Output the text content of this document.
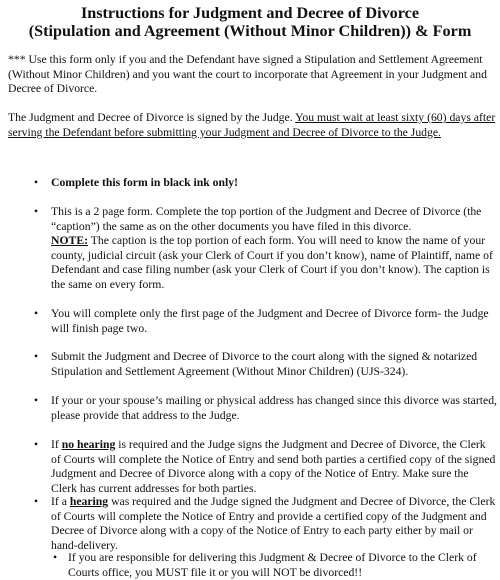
Instructions for Judgment and Decree of Divorce
(Stipulation and Agreement (Without Minor Children)) & Form
*** Use this form only if you and the Defendant have signed a Stipulation and Settlement Agreement (Without Minor Children) and you want the court to incorporate that Agreement in your Judgment and Decree of Divorce.
The Judgment and Decree of Divorce is signed by the Judge. You must wait at least sixty (60) days after serving the Defendant before submitting your Judgment and Decree of Divorce to the Judge.
• Complete this form in black ink only!
• This is a 2 page form. Complete the top portion of the Judgment and Decree of Divorce (the “caption”) the same as on the other documents you have filed in this divorce.
NOTE: The caption is the top portion of each form. You will need to know the name of your county, judicial circuit (ask your Clerk of Court if you don’t know), name of Plaintiff, name of Defendant and case filing number (ask your Clerk of Court if you don’t know). The caption is the same on every form.
• You will complete only the first page of the Judgment and Decree of Divorce form- the Judge will finish page two.
• Submit the Judgment and Decree of Divorce to the court along with the signed & notarized Stipulation and Settlement Agreement (Without Minor Children) (UJS-324).
• If your or your spouse’s mailing or physical address has changed since this divorce was started, please provide that address to the Judge.
• If no hearing is required and the Judge signs the Judgment and Decree of Divorce, the Clerk of Courts will complete the Notice of Entry and send both parties a certified copy of the signed Judgment and Decree of Divorce along with a copy of the Notice of Entry. Make sure the Clerk has current addresses for both parties.
• If a hearing was required and the Judge signed the Judgment and Decree of Divorce, the Clerk of Courts will complete the Notice of Entry and provide a certified copy of the Judgment and Decree of Divorce along with a copy of the Notice of Entry to each party either by mail or hand-delivery.
• If you are responsible for delivering this Judgment & Decree of Divorce to the Clerk of Courts office, you MUST file it or you will NOT be divorced!!
